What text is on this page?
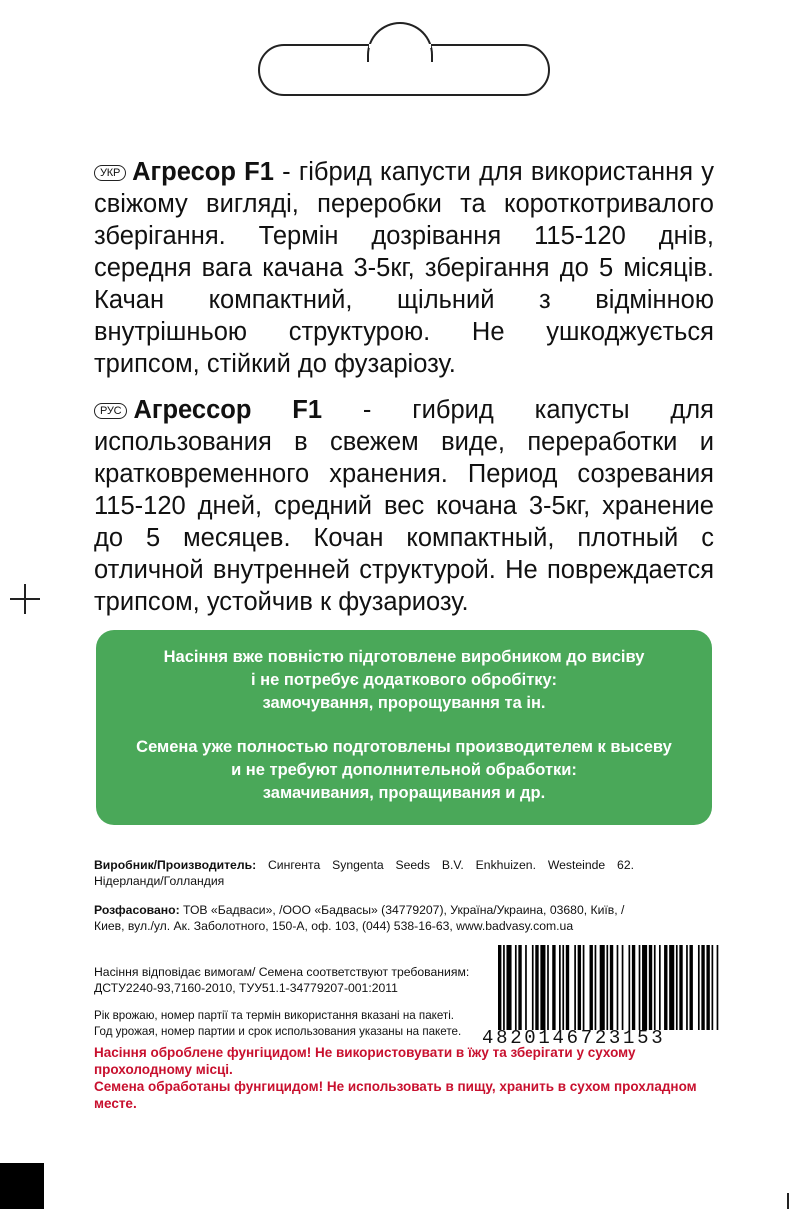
УКР Агресор F1 - гібрид капусти для використання у свіжому вигляді, переробки та короткотривалого зберігання. Термін дозрівання 115-120 днів, середня вага качана 3-5кг, зберігання до 5 місяців. Качан компактний, щільний з відмінною внутрішньою структурою. Не ушкоджується трипсом, стійкий до фузаріозу.
РУС Агрессор F1 - гибрид капусты для использования в свежем виде, переработки и кратковременного хранения. Период созревания 115-120 дней, средний вес кочана 3-5кг, хранение до 5 месяцев. Кочан компактный, плотный с отличной внутренней структурой. Не повреждается трипсом, устойчив к фузариозу.
Насіння вже повністю підготовлене виробником до висіву
і не потребує додаткового обробітку:
замочування, пророщування та ін.
Семена уже полностью подготовлены производителем к высеву
и не требуют дополнительной обработки:
замачивания, проращивания и др.
Виробник/Производитель: Сингента Syngenta Seeds B.V. Enkhuizen. Westeinde 62. Нідерланди/Голландия
Розфасовано: ТОВ «Бадваси», /ООО «Бадвасы» (34779207), Україна/Украина, 03680, Київ, /Киев, вул./ул. Ак. Заболотного, 150-А, оф. 103, (044) 538-16-63, www.badvasy.com.ua
Насіння відповідає вимогам/ Семена соответствуют требованиям:
ДСТУ2240-93,7160-2010, ТУУ51.1-34779207-001:2011
Рік врожаю, номер партії та термін використання вказані на пакеті.
Год урожая, номер партии и срок использования указаны на пакете.
Насіння оброблене фунгіцидом! Не використовувати в їжу та зберігати у сухому прохолодному місці.
Семена обработаны фунгицидом! Не использовать в пищу, хранить в сухом прохладном месте.
4820146723153
